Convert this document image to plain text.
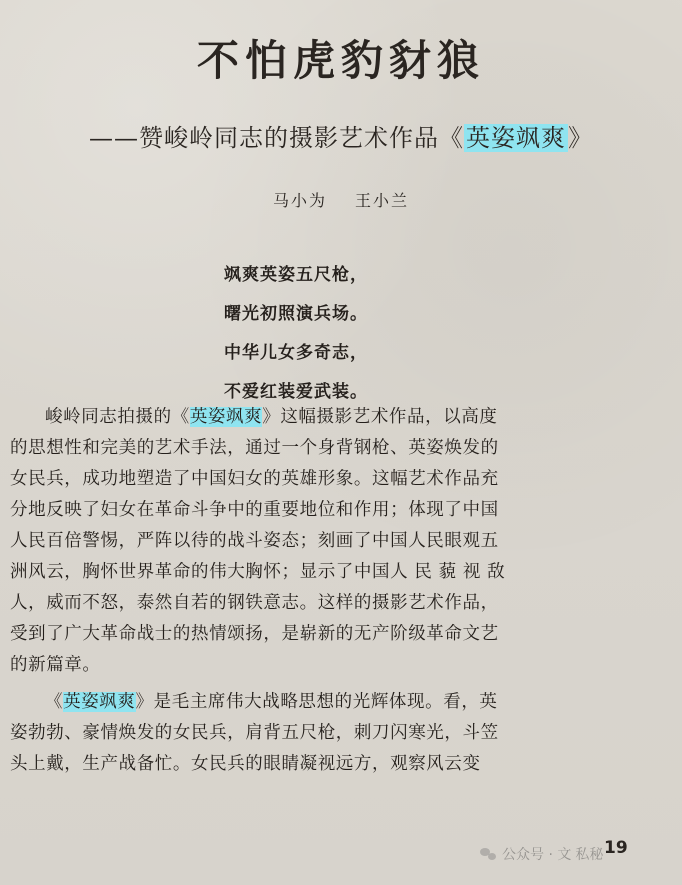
不怕虎豹豺狼
——赞峻岭同志的摄影艺术作品《英姿飒爽》
马小为 王小兰
飒爽英姿五尺枪，
曙光初照演兵场。
中华儿女多奇志，
不爱红装爱武装。
峻岭同志拍摄的《英姿飒爽》这幅摄影艺术作品，以高度
的思想性和完美的艺术手法，通过一个身背钢枪、英姿焕发的
女民兵，成功地塑造了中国妇女的英雄形象。这幅艺术作品充
分地反映了妇女在革命斗争中的重要地位和作用；体现了中国
人民百倍警惕，严阵以待的战斗姿态；刻画了中国人民眼观五
洲风云，胸怀世界革命的伟大胸怀；显示了中国人 民 藐 视 敌
人，威而不怒，泰然自若的钢铁意志。这样的摄影艺术作品，
受到了广大革命战士的热情颂扬，是崭新的无产阶级革命文艺
的新篇章。
《英姿飒爽》是毛主席伟大战略思想的光辉体现。看，英
姿勃勃、豪情焕发的女民兵，肩背五尺枪，刺刀闪寒光，斗笠
头上戴，生产战备忙。女民兵的眼睛凝视远方，观察风云变
公众号 · 文 私秘 19
